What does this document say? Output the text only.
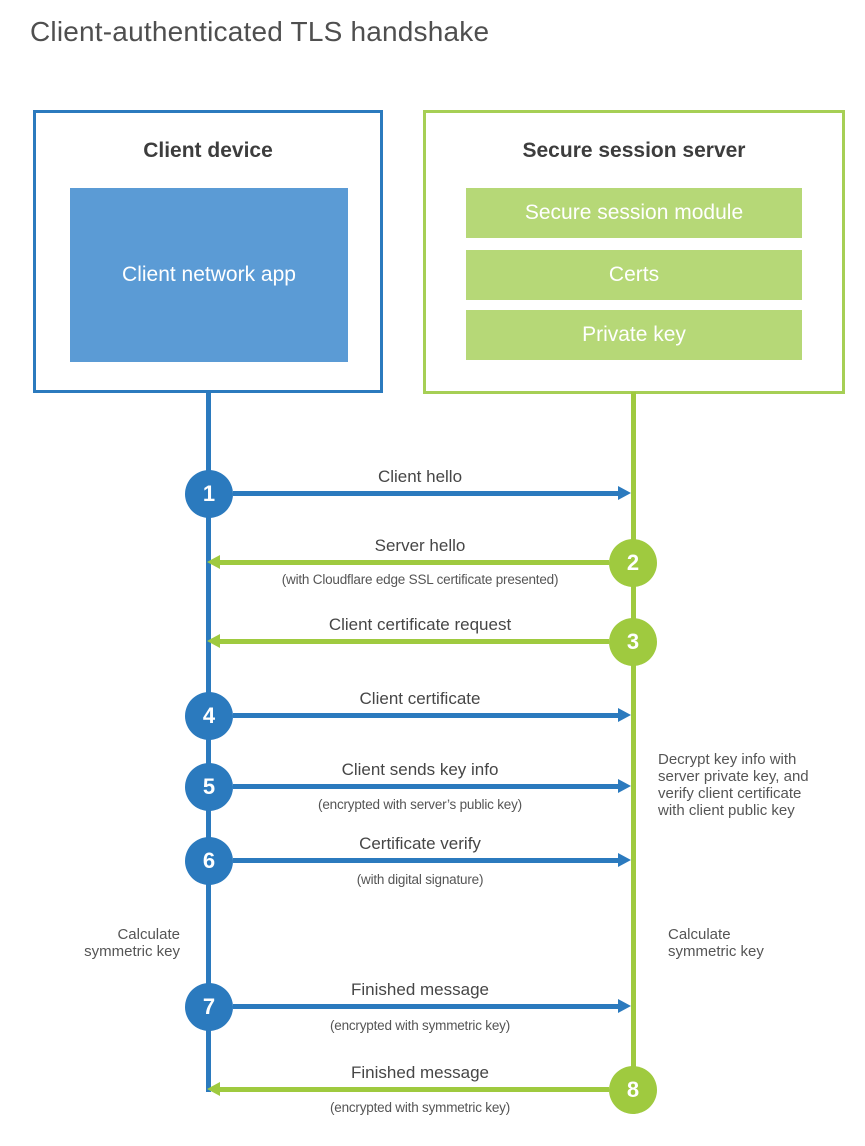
Client-authenticated TLS handshake
Client device
Client network app
Secure session server
Secure session module
Certs
Private key
1
Client hello
2
Server hello
(with Cloudflare edge SSL certificate presented)
3
Client certificate request
4
Client certificate
5
Client sends key info
(encrypted with server’s public key)
6
Certificate verify
(with digital signature)
7
Finished message
(encrypted with symmetric key)
8
Finished message
(encrypted with symmetric key)
Calculate
symmetric key
Calculate
symmetric key
Decrypt key info with server private key, and verify client certificate with client public key
